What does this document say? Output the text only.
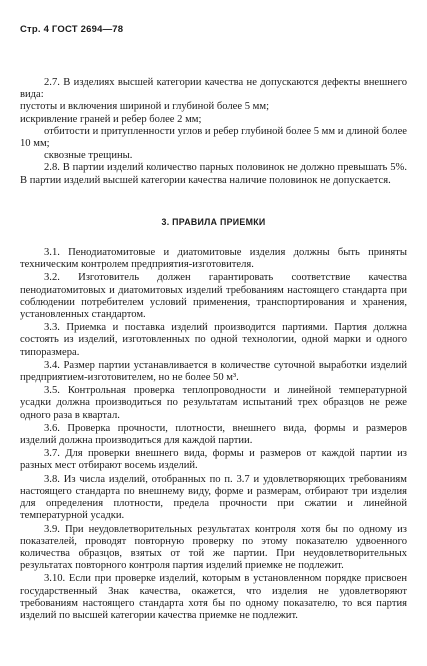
Стр. 4 ГОСТ 2694—78

2.7. В изделиях высшей категории качества не допускаются дефекты внешнего вида:

пустоты и включения шириной и глубиной более 5 мм;

искривление граней и ребер более 2 мм;

отбитости и притупленности углов и ребер глубиной более 5 мм и длиной более 10 мм;

сквозные трещины.

2.8. В партии изделий количество парных половинок не должно превышать 5%. В партии изделий высшей категории качества наличие половинок не допускается.

3. ПРАВИЛА ПРИЕМКИ

3.1. Пенодиатомитовые и диатомитовые изделия должны быть приняты техническим контролем предприятия-изготовителя.

3.2. Изготовитель должен гарантировать соответствие качества пенодиатомитовых и диатомитовых изделий требованиям настоящего стандарта при соблюдении потребителем условий применения, транспортирования и хранения, установленных стандартом.

3.3. Приемка и поставка изделий производится партиями. Партия должна состоять из изделий, изготовленных по одной технологии, одной марки и одного типоразмера.

3.4. Размер партии устанавливается в количестве суточной выработки изделий предприятием-изготовителем, но не более 50 м³.

3.5. Контрольная проверка теплопроводности и линейной температурной усадки должна производиться по результатам испытаний трех образцов не реже одного раза в квартал.

3.6. Проверка прочности, плотности, внешнего вида, формы и размеров изделий должна производиться для каждой партии.

3.7. Для проверки внешнего вида, формы и размеров от каждой партии из разных мест отбирают восемь изделий.

3.8. Из числа изделий, отобранных по п. 3.7 и удовлетворяющих требованиям настоящего стандарта по внешнему виду, форме и размерам, отбирают три изделия для определения плотности, предела прочности при сжатии и линейной температурной усадки.

3.9. При неудовлетворительных результатах контроля хотя бы по одному из показателей, проводят повторную проверку по этому показателю удвоенного количества образцов, взятых от той же партии. При неудовлетворительных результатах повторного контроля партия изделий приемке не подлежит.

3.10. Если при проверке изделий, которым в установленном порядке присвоен государственный Знак качества, окажется, что изделия не удовлетворяют требованиям настоящего стандарта хотя бы по одному показателю, то вся партия изделий по высшей категории качества приемке не подлежит.
